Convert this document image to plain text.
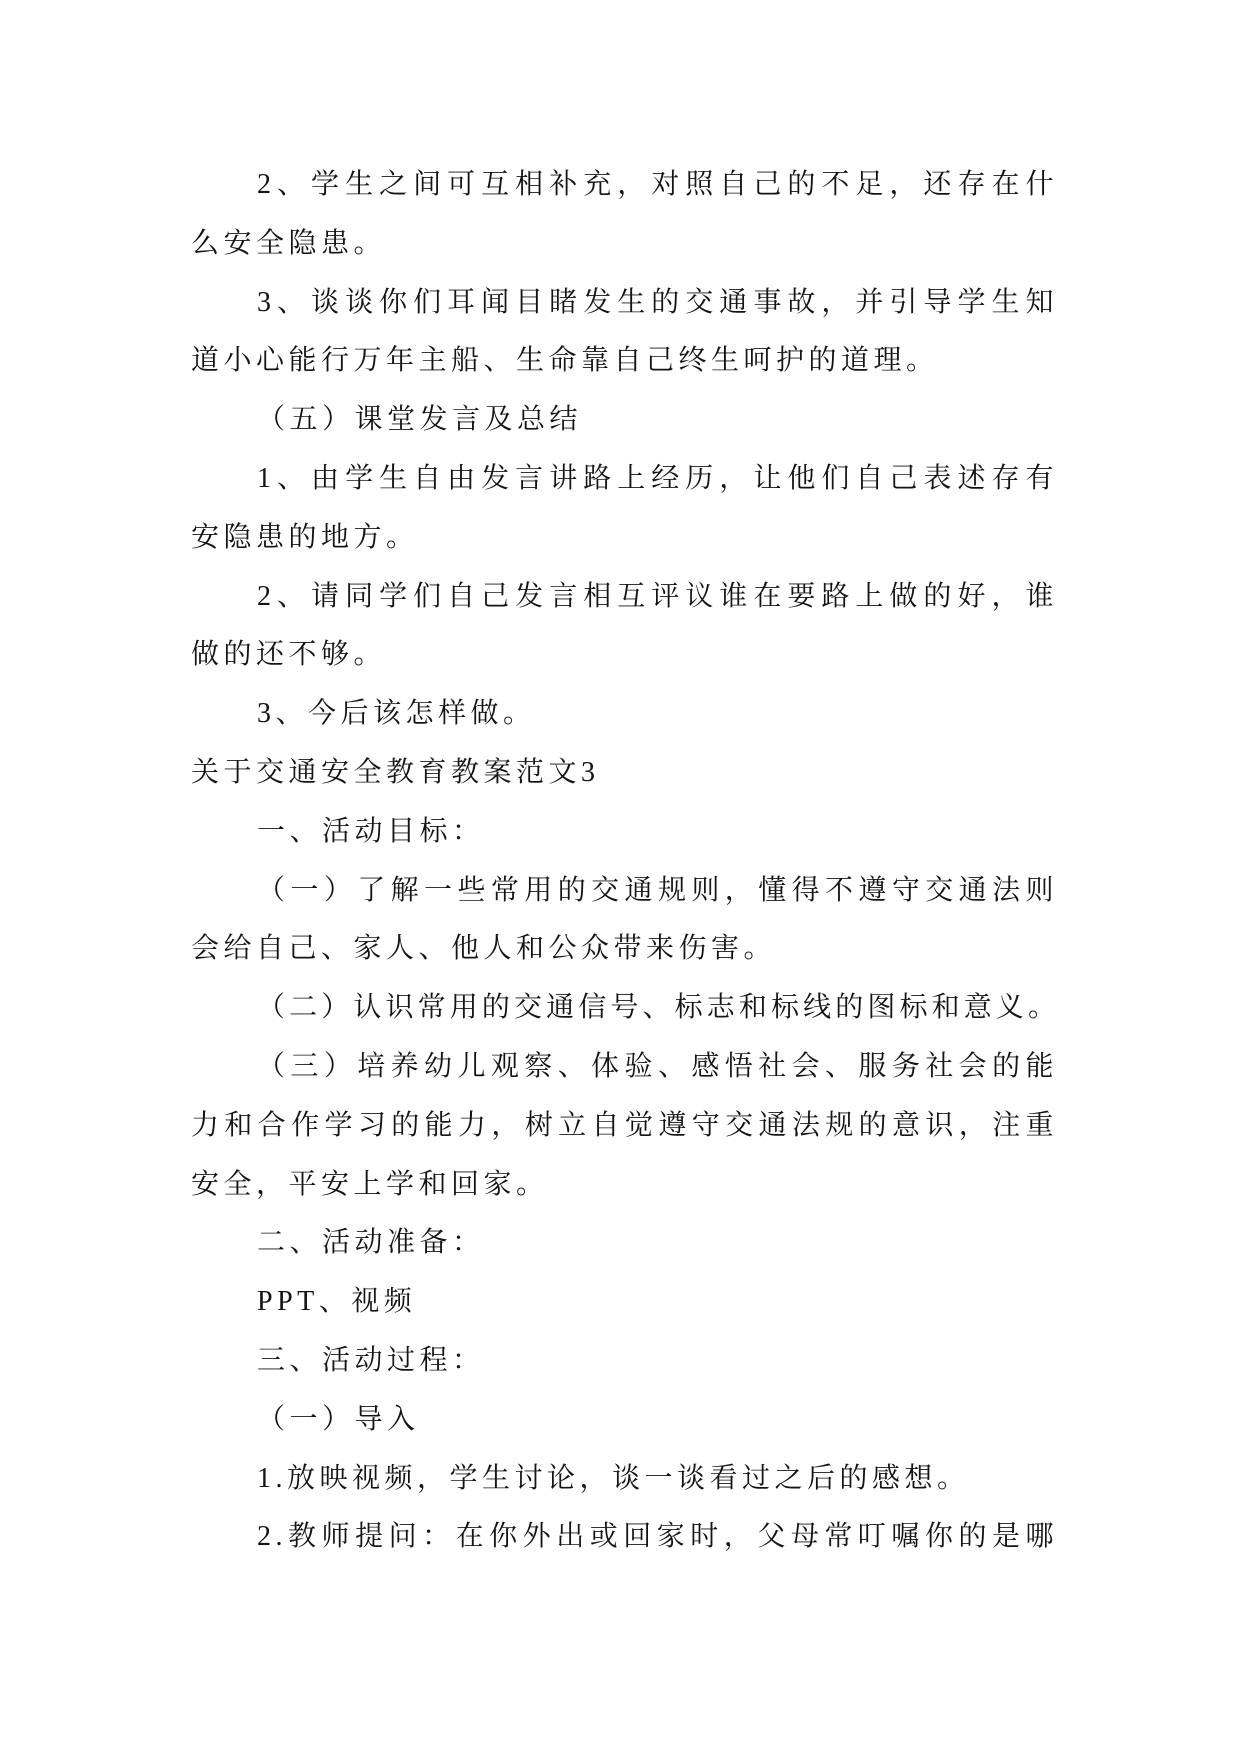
2、学生之间可互相补充，对照自己的不足，还存在什
么安全隐患。
3、谈谈你们耳闻目睹发生的交通事故，并引导学生知
道小心能行万年主船、生命靠自己终生呵护的道理。
（五）课堂发言及总结
1、由学生自由发言讲路上经历，让他们自己表述存有
安隐患的地方。
2、请同学们自己发言相互评议谁在要路上做的好，谁
做的还不够。
3、今后该怎样做。
关于交通安全教育教案范文3
一、活动目标：
（一）了解一些常用的交通规则，懂得不遵守交通法则
会给自己、家人、他人和公众带来伤害。
（二）认识常用的交通信号、标志和标线的图标和意义。
（三）培养幼儿观察、体验、感悟社会、服务社会的能
力和合作学习的能力，树立自觉遵守交通法规的意识，注重
安全，平安上学和回家。
二、活动准备：
PPT、视频
三、活动过程：
（一）导入
1.放映视频，学生讨论，谈一谈看过之后的感想。
2.教师提问：在你外出或回家时，父母常叮嘱你的是哪
